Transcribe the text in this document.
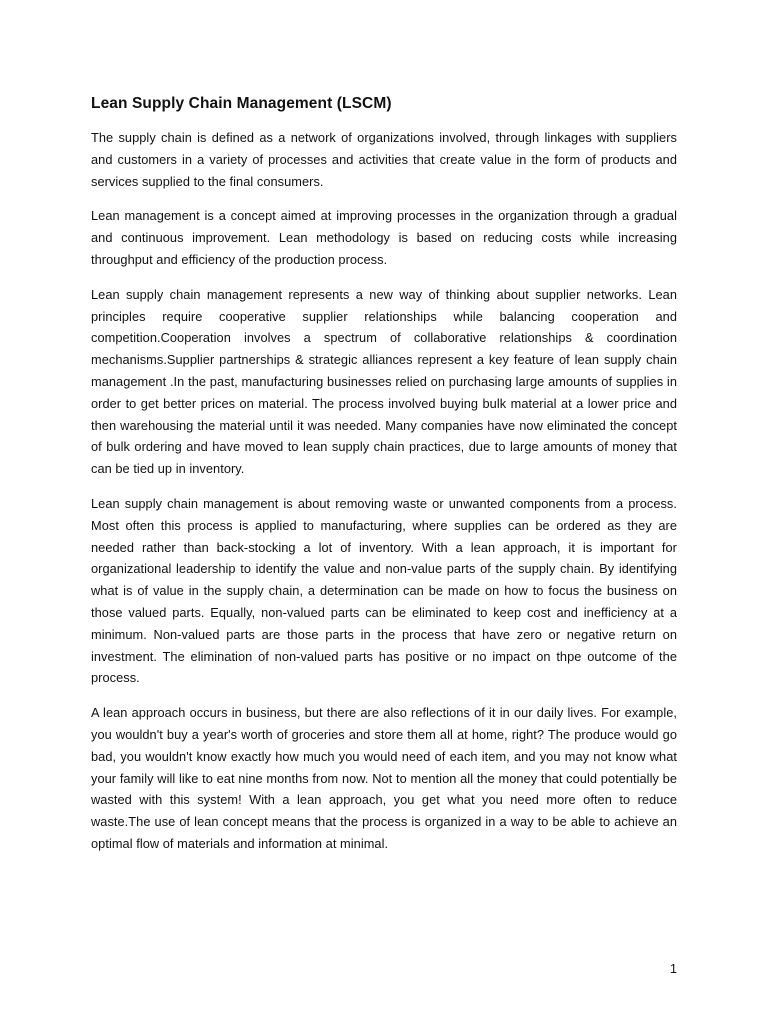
Lean Supply Chain Management (LSCM)

The supply chain is defined as a network of organizations involved, through linkages with suppliers and customers in a variety of processes and activities that create value in the form of products and services supplied to the final consumers.

Lean management is a concept aimed at improving processes in the organization through a gradual and continuous improvement. Lean methodology is based on reducing costs while increasing throughput and efficiency of the production process.

Lean supply chain management represents a new way of thinking about supplier networks. Lean principles require cooperative supplier relationships while balancing cooperation and competition.Cooperation involves a spectrum of collaborative relationships & coordination mechanisms.Supplier partnerships & strategic alliances represent a key feature of lean supply chain management .In the past, manufacturing businesses relied on purchasing large amounts of supplies in order to get better prices on material. The process involved buying bulk material at a lower price and then warehousing the material until it was needed. Many companies have now eliminated the concept of bulk ordering and have moved to lean supply chain practices, due to large amounts of money that can be tied up in inventory.

Lean supply chain management is about removing waste or unwanted components from a process. Most often this process is applied to manufacturing, where supplies can be ordered as they are needed rather than back-stocking a lot of inventory. With a lean approach, it is important for organizational leadership to identify the value and non-value parts of the supply chain. By identifying what is of value in the supply chain, a determination can be made on how to focus the business on those valued parts. Equally, non-valued parts can be eliminated to keep cost and inefficiency at a minimum. Non-valued parts are those parts in the process that have zero or negative return on investment. The elimination of non-valued parts has positive or no impact on thpe outcome of the process.

A lean approach occurs in business, but there are also reflections of it in our daily lives. For example, you wouldn't buy a year's worth of groceries and store them all at home, right? The produce would go bad, you wouldn't know exactly how much you would need of each item, and you may not know what your family will like to eat nine months from now. Not to mention all the money that could potentially be wasted with this system! With a lean approach, you get what you need more often to reduce waste.The use of lean concept means that the process is organized in a way to be able to achieve an optimal flow of materials and information at minimal.

1
